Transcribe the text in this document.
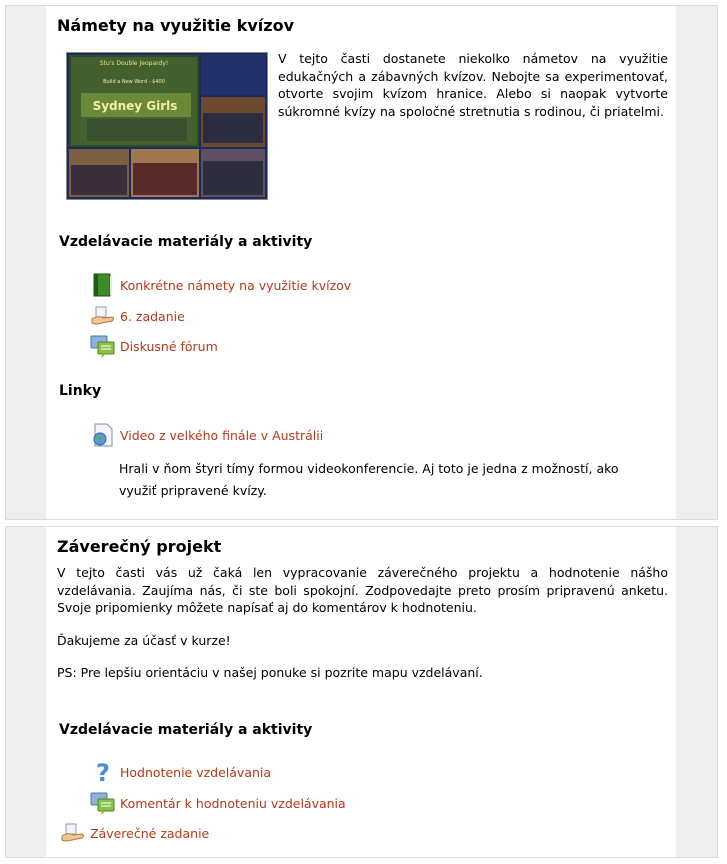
Námety na využitie kvízov
Stu's Double Jeopardy!
Build a New Word - $400
Sydney Girls

V tejto časti dostanete niekolko námetov na využitie edukačných a zábavných kvízov. Nebojte sa experimentovať, otvorte svojim kvízom hranice. Alebo si naopak vytvorte súkromné kvízy na spoločné stretnutia s rodinou, či priatelmi.

Vzdelávacie materiály a aktivity
Konkrétne námety na využitie kvízov
6. zadanie
Diskusné fórum
Linky
Video z velkého finále v Austrálii

Hrali v ňom štyri tímy formou videokonferencie. Aj toto je jedna z možností, ako využiť pripravené kvízy.

Záverečný projekt

V tejto časti vás už čaká len vypracovanie záverečného projektu a hodnotenie nášho vzdelávania. Zaujíma nás, či ste boli spokojní. Zodpovedajte preto prosím pripravenú anketu. Svoje pripomienky môžete napísať aj do komentárov k hodnoteniu.

Ďakujeme za účasť v kurze!

PS: Pre lepšiu orientáciu v našej ponuke si pozrite mapu vzdelávaní.

Vzdelávacie materiály a aktivity
? Hodnotenie vzdelávania
Komentár k hodnoteniu vzdelávania
Záverečné zadanie
